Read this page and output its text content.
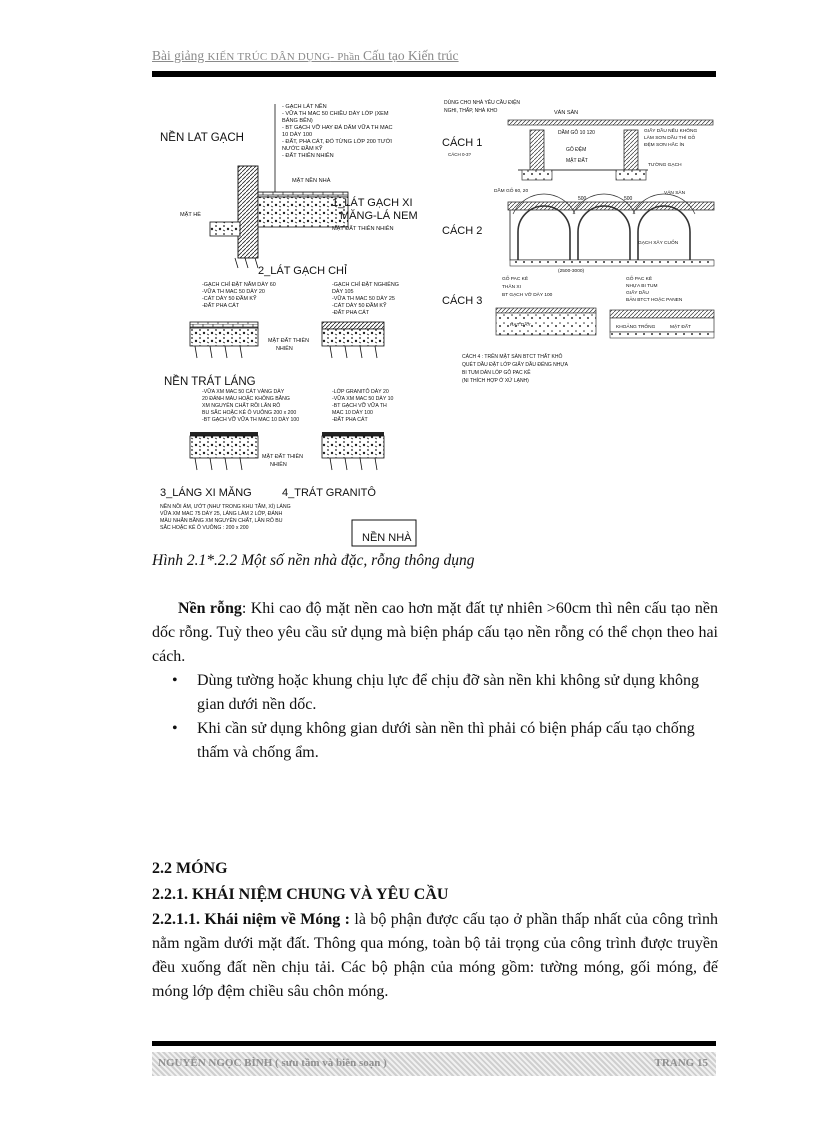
Bài giảng KIẾN TRÚC DÂN DỤNG- Phần Cấu tạo Kiến trúc
NỀN LAT GẠCH
- GẠCH LÁT NỀN
- VỮA TH MAC 50 CHIỀU DÀY LỚP (XEM
BẢNG BÊN)
- BT GẠCH VỠ HAY ĐÁ DĂM VỮA TH MAC
10 DÀY 100
- ĐẤT, PHA CÁT, ĐỔ TỪNG LỚP 200 TƯỚI
NƯỚC ĐẦM KỸ
- ĐẤT THIÊN NHIÊN
MẶT NỀN NHÀ
MẶT HÈ
1_LÁT GẠCH XI
MĂNG-LÁ NEM
MẶT ĐẤT THIÊN NHIÊN
2_LÁT GẠCH CHỈ
-GẠCH CHỈ ĐẶT NẰM DÀY 60
-VỮA TH MAC 50 DÀY 20
-CÁT DÀY 50 ĐẦM KỸ
-ĐẤT PHA CÁT
-GẠCH CHỈ ĐẶT NGHIÊNG
DÀY 105
-VỮA TH MAC 50 DÀY 25
-CÁT DÀY 50 ĐẦM KỸ
-ĐẤT PHA CÁT
MẶT ĐẤT THIÊN
NHIÊN
NỀN TRÁT LÁNG
-VỮA XM MAC 50 CÁT VÀNG DÀY
20 ĐÁNH MÀU HOẶC KHÔNG BẰNG
XM NGUYÊN CHẤT RỒI LĂN RÔ
BU SẮC HOẶC KẺ Ô VUÔNG 200 x 200
-BT GẠCH VỠ VỮA TH MAC 10 DÀY 100
-LỚP GRANITÔ DÀY 20
-VỮA XM MAC 50 DÀY 10
-BT GẠCH VỠ VỮA TH
MAC 10 DÀY 100
-ĐẤT PHA CÁT
MẶT ĐẤT THIÊN
NHIÊN
3_LÁNG XI MĂNG	4_TRÁT GRANITÔ
NỀN NỒI ẨM, ƯỚT (NHƯ TRONG KHU TẮM, XÍ) LÁNG
VỮA XM MAC 75 DÀY 25, LÁNG LÀM 2 LỚP, ĐÁNH
MÀU NHẴN BẰNG XM NGUYÊN CHẤT, LĂN RÔ BU
SẮC HOẶC KẺ Ô VUÔNG : 200 x 200
NỀN NHÀ
DÙNG CHO NHÀ YÊU CẦU ĐIỆN
NGHI, THẤP, NHÀ KHO	VÁN SÀN
CÁCH 1
CÁCH 0-3?
DẦM GỖ 10 120
GỖ ĐỆM
MẶT ĐẤT
GIẤY DẦU NẾU KHÔNG
LÀM SƠN DẦU THÌ GỖ
ĐỆM SƠN HẮC ÍN
TƯỜNG GẠCH
DẦM GỖ 60, 20	VÁN SÀN
500	500
CÁCH 2
GẠCH XÂY CUỐN
(2500-3000)
CÁCH 3
GỖ PAC KÊ
THÂN XI
BT GẠCH VỠ DÀY 100
GỖ PAC KÊ
NHỰA BI TUM
GIẤY DẦU
BẢN BTCT HOẶC PANEN
HẠT DẦY	KHOẢNG TRỐNG	MẶT ĐẤT
CÁCH 4 : TRÊN MẶT SÀN BTCT THẤT KHÔ
QUÉT DẦU ĐẶT LỚP GIẤY DẦU ĐỂNG NHỰA
BI TUM DÁN LÓP GỖ PAC KÊ
(NI THÍCH HỢP Ở XỨ LẠNH)
Hình 2.1*.2.2 Một số nền nhà đặc, rỗng thông dụng
Nền rỗng: Khi cao độ mặt nền cao hơn mặt đất tự nhiên >60cm thì nên cấu tạo nền dốc rỗng. Tuỳ theo yêu cầu sử dụng mà biện pháp cấu tạo nền rỗng có thể chọn theo hai cách.
• Dùng tường hoặc khung chịu lực để chịu đỡ sàn nền khi không sử dụng không gian dưới nền dốc.
• Khi cần sử dụng không gian dưới sàn nền thì phải có biện pháp cấu tạo chống thấm và chống ẩm.
2.2 MÓNG
2.2.1. KHÁI NIỆM CHUNG VÀ YÊU CẦU
2.2.1.1. Khái niệm về Móng : là bộ phận được cấu tạo ở phần thấp nhất của công trình nằm ngầm dưới mặt đất. Thông qua móng, toàn bộ tải trọng của công trình được truyền đều xuống đất nền chịu tải. Các bộ phận của móng gồm: tường móng, gối móng, đế móng lớp đệm chiều sâu chôn móng.
NGUYỄN NGỌC BÌNH ( sưu tầm và biên soạn )	TRANG 15
